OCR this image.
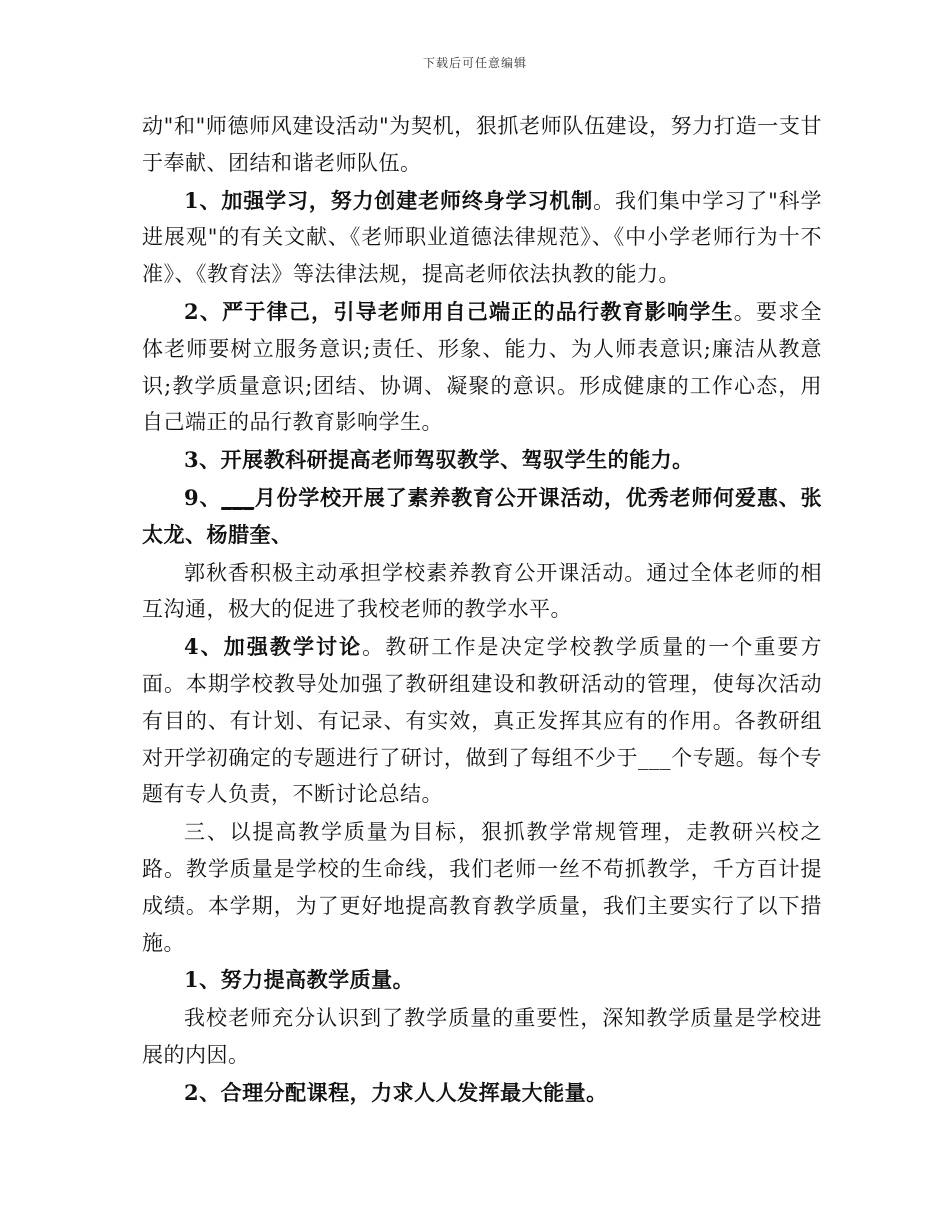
下载后可任意编辑

动"和"师德师风建设活动"为契机，狠抓老师队伍建设，努力打造一支甘于奉献、团结和谐老师队伍。

1、加强学习，努力创建老师终身学习机制。我们集中学习了"科学进展观"的有关文献、《老师职业道德法律规范》、《中小学老师行为十不准》、《教育法》等法律法规，提高老师依法执教的能力。

2、严于律己，引导老师用自己端正的品行教育影响学生。要求全体老师要树立服务意识;责任、形象、能力、为人师表意识;廉洁从教意识;教学质量意识;团结、协调、凝聚的意识。形成健康的工作心态，用自己端正的品行教育影响学生。

3、开展教科研提高老师驾驭教学、驾驭学生的能力。

9、___月份学校开展了素养教育公开课活动，优秀老师何爱惠、张太龙、杨腊奎、

郭秋香积极主动承担学校素养教育公开课活动。通过全体老师的相互沟通，极大的促进了我校老师的教学水平。

4、加强教学讨论。教研工作是决定学校教学质量的一个重要方面。本期学校教导处加强了教研组建设和教研活动的管理，使每次活动有目的、有计划、有记录、有实效，真正发挥其应有的作用。各教研组对开学初确定的专题进行了研讨，做到了每组不少于___个专题。每个专题有专人负责，不断讨论总结。

三、以提高教学质量为目标，狠抓教学常规管理，走教研兴校之路。教学质量是学校的生命线，我们老师一丝不苟抓教学，千方百计提成绩。本学期，为了更好地提高教育教学质量，我们主要实行了以下措施。

1、努力提高教学质量。

我校老师充分认识到了教学质量的重要性，深知教学质量是学校进展的内因。

2、合理分配课程，力求人人发挥最大能量。
